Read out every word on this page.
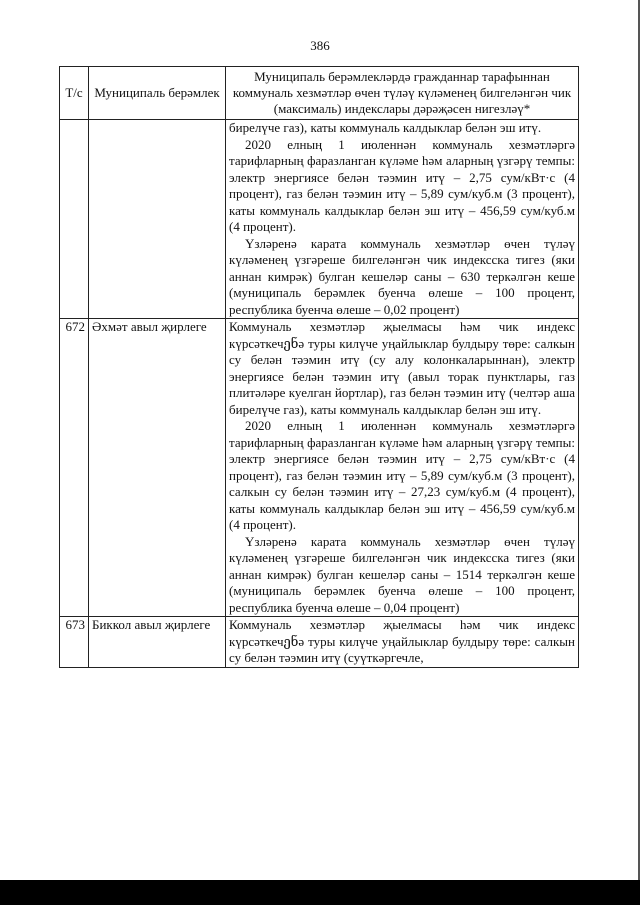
386
Т/с	Муниципаль берәмлек	Муниципаль берәмлекләрдә гражданнар тарафыннан коммуналь хезмәтләр өчен түләү күләменең билгеләнгән чик (максималь) индекслары дәрәҗәсен нигезләү*

		бирелүче газ), каты коммуналь калдыклар белән эш итү.

2020 елның 1 июленнән коммуналь хезмәтләргә тарифларның фаразланган күләме һәм аларның үзгәрү темпы: электр энергиясе белән тәэмин итү – 2,75 сум/кВт·с (4 процент), газ белән тәэмин итү – 5,89 сум/куб.м (3 процент), каты коммуналь калдыклар белән эш итү – 456,59 сум/куб.м (4 процент).

Үзләренә карата коммуналь хезмәтләр өчен түләү күләменең үзгәреше билгеләнгән чик индексска тигез (яки аннан кимрәк) булган кешеләр саны – 630 теркәлгән кеше (муниципаль берәмлек буенча өлеше – 100 процент, республика буенча өлеше – 0,02 процент)

672	Әхмәт авыл җирлеге	Коммуналь хезмәтләр җыелмасы һәм чик индекс күрсәткечენә туры килүче уңайлыклар булдыру төре: салкын су белән тәэмин итү (су алу колонкаларыннан), электр энергиясе белән тәэмин итү (авыл торак пунктлары, газ плитәләре куелган йортлар), газ белән тәэмин итү (челтәр аша бирелүче газ), каты коммуналь калдыклар белән эш итү.

2020 елның 1 июленнән коммуналь хезмәтләргә тарифларның фаразланган күләме һәм аларның үзгәрү темпы: электр энергиясе белән тәэмин итү – 2,75 сум/кВт·с (4 процент), газ белән тәэмин итү – 5,89 сум/куб.м (3 процент), салкын су белән тәэмин итү – 27,23 сум/куб.м (4 процент), каты коммуналь калдыклар белән эш итү – 456,59 сум/куб.м (4 процент).

Үзләренә карата коммуналь хезмәтләр өчен түләү күләменең үзгәреше билгеләнгән чик индексска тигез (яки аннан кимрәк) булган кешеләр саны – 1514 теркәлгән кеше (муниципаль берәмлек буенча өлеше – 100 процент, республика буенча өлеше – 0,04 процент)

673	Биккол авыл җирлеге	Коммуналь хезмәтләр җыелмасы һәм чик индекс күрсәткечენә туры килүче уңайлыклар булдыру төре: салкын су белән тәэмин итү (суүткәргечле,
